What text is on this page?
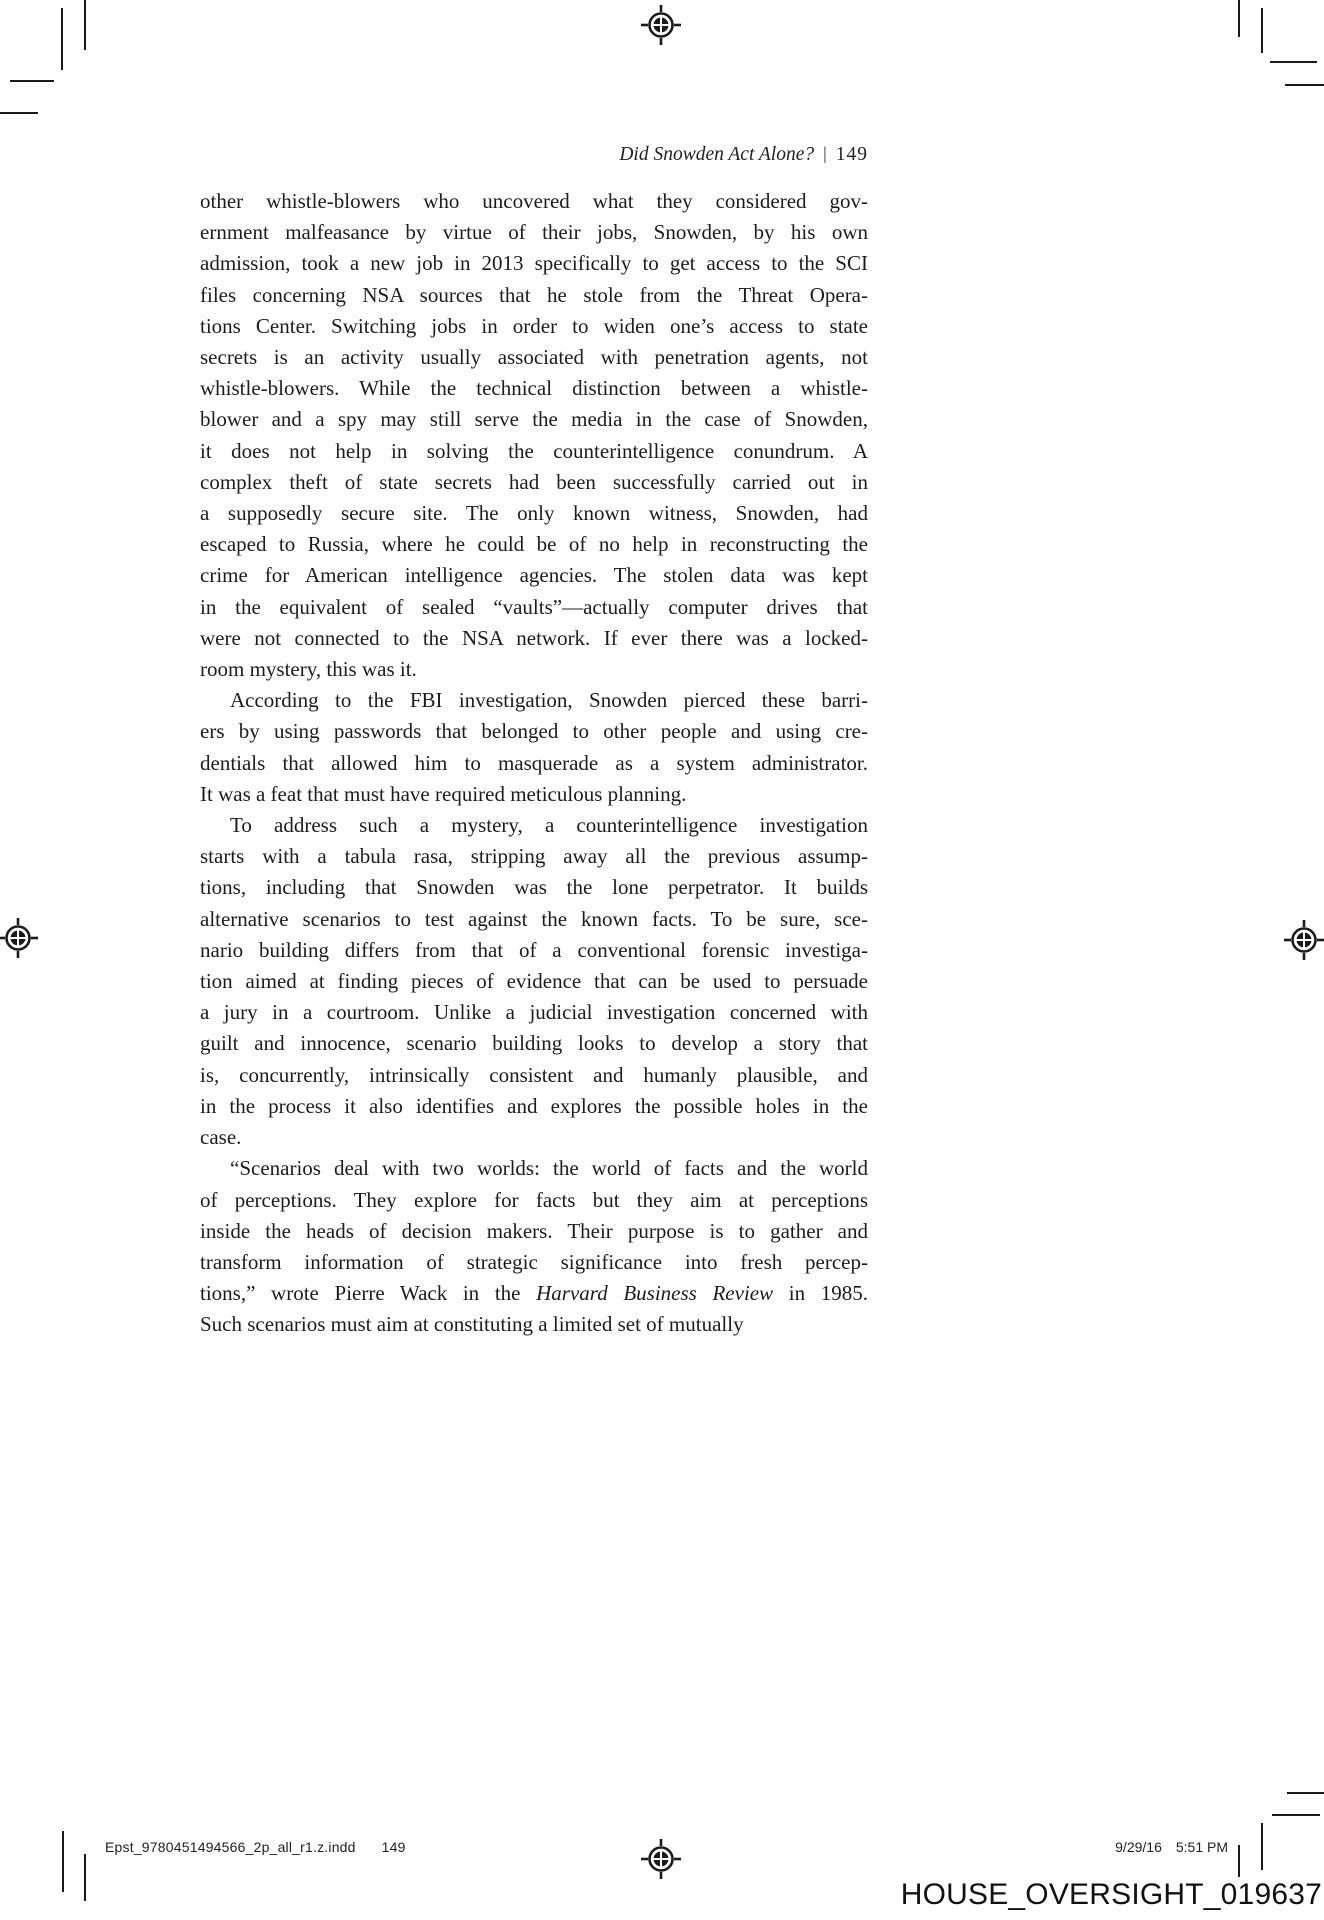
Did Snowden Act Alone? | 149
other whistle-blowers who uncovered what they considered gov-
ernment malfeasance by virtue of their jobs, Snowden, by his own
admission, took a new job in 2013 specifically to get access to the SCI
files concerning NSA sources that he stole from the Threat Opera-
tions Center. Switching jobs in order to widen one’s access to state
secrets is an activity usually associated with penetration agents, not
whistle-blowers. While the technical distinction between a whistle-
blower and a spy may still serve the media in the case of Snowden,
it does not help in solving the counterintelligence conundrum. A
complex theft of state secrets had been successfully carried out in
a supposedly secure site. The only known witness, Snowden, had
escaped to Russia, where he could be of no help in reconstructing the
crime for American intelligence agencies. The stolen data was kept
in the equivalent of sealed “vaults”—actually computer drives that
were not connected to the NSA network. If ever there was a locked-
room mystery, this was it.
According to the FBI investigation, Snowden pierced these barri-
ers by using passwords that belonged to other people and using cre-
dentials that allowed him to masquerade as a system administrator.
It was a feat that must have required meticulous planning.
To address such a mystery, a counterintelligence investigation
starts with a tabula rasa, stripping away all the previous assump-
tions, including that Snowden was the lone perpetrator. It builds
alternative scenarios to test against the known facts. To be sure, sce-
nario building differs from that of a conventional forensic investiga-
tion aimed at finding pieces of evidence that can be used to persuade
a jury in a courtroom. Unlike a judicial investigation concerned with
guilt and innocence, scenario building looks to develop a story that
is, concurrently, intrinsically consistent and humanly plausible, and
in the process it also identifies and explores the possible holes in the
case.
“Scenarios deal with two worlds: the world of facts and the world
of perceptions. They explore for facts but they aim at perceptions
inside the heads of decision makers. Their purpose is to gather and
transform information of strategic significance into fresh percep-
tions,” wrote Pierre Wack in the Harvard Business Review in 1985.
Such scenarios must aim at constituting a limited set of mutually
Epst_9780451494566_2p_all_r1.z.indd 149	9/29/16 5:51 PM
HOUSE_OVERSIGHT_019637
